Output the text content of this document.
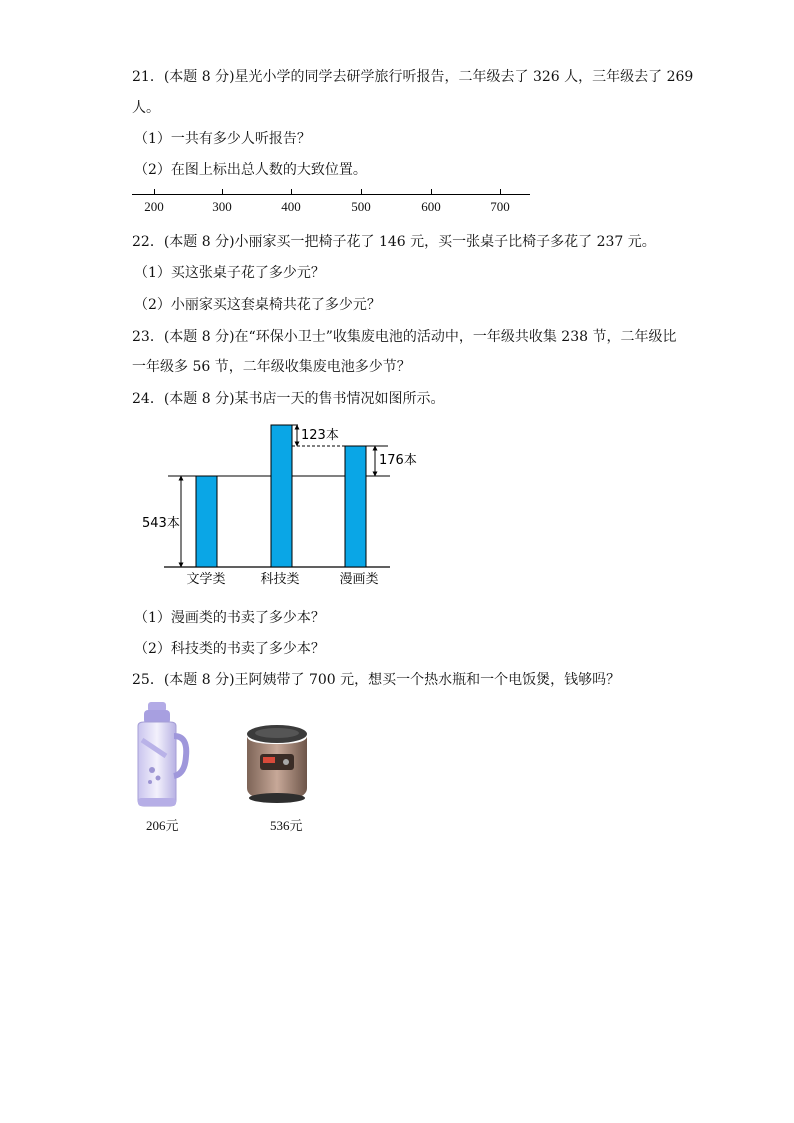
21．(本题 8 分)星光小学的同学去研学旅行听报告，二年级去了 326 人，三年级去了 269
人。
（1）一共有多少人听报告？
（2）在图上标出总人数的大致位置。
200	300	400	500	600	700
22．(本题 8 分)小丽家买一把椅子花了 146 元，买一张桌子比椅子多花了 237 元。
（1）买这张桌子花了多少元？
（2）小丽家买这套桌椅共花了多少元？
23．(本题 8 分)在“环保小卫士”收集废电池的活动中，一年级共收集 238 节，二年级比
一年级多 56 节，二年级收集废电池多少节？
24．(本题 8 分)某书店一天的售书情况如图所示。
543本
123本
176本
文学类	科技类	漫画类
（1）漫画类的书卖了多少本？
（2）科技类的书卖了多少本？
25．(本题 8 分)王阿姨带了 700 元，想买一个热水瓶和一个电饭煲，钱够吗？
206元	536元
